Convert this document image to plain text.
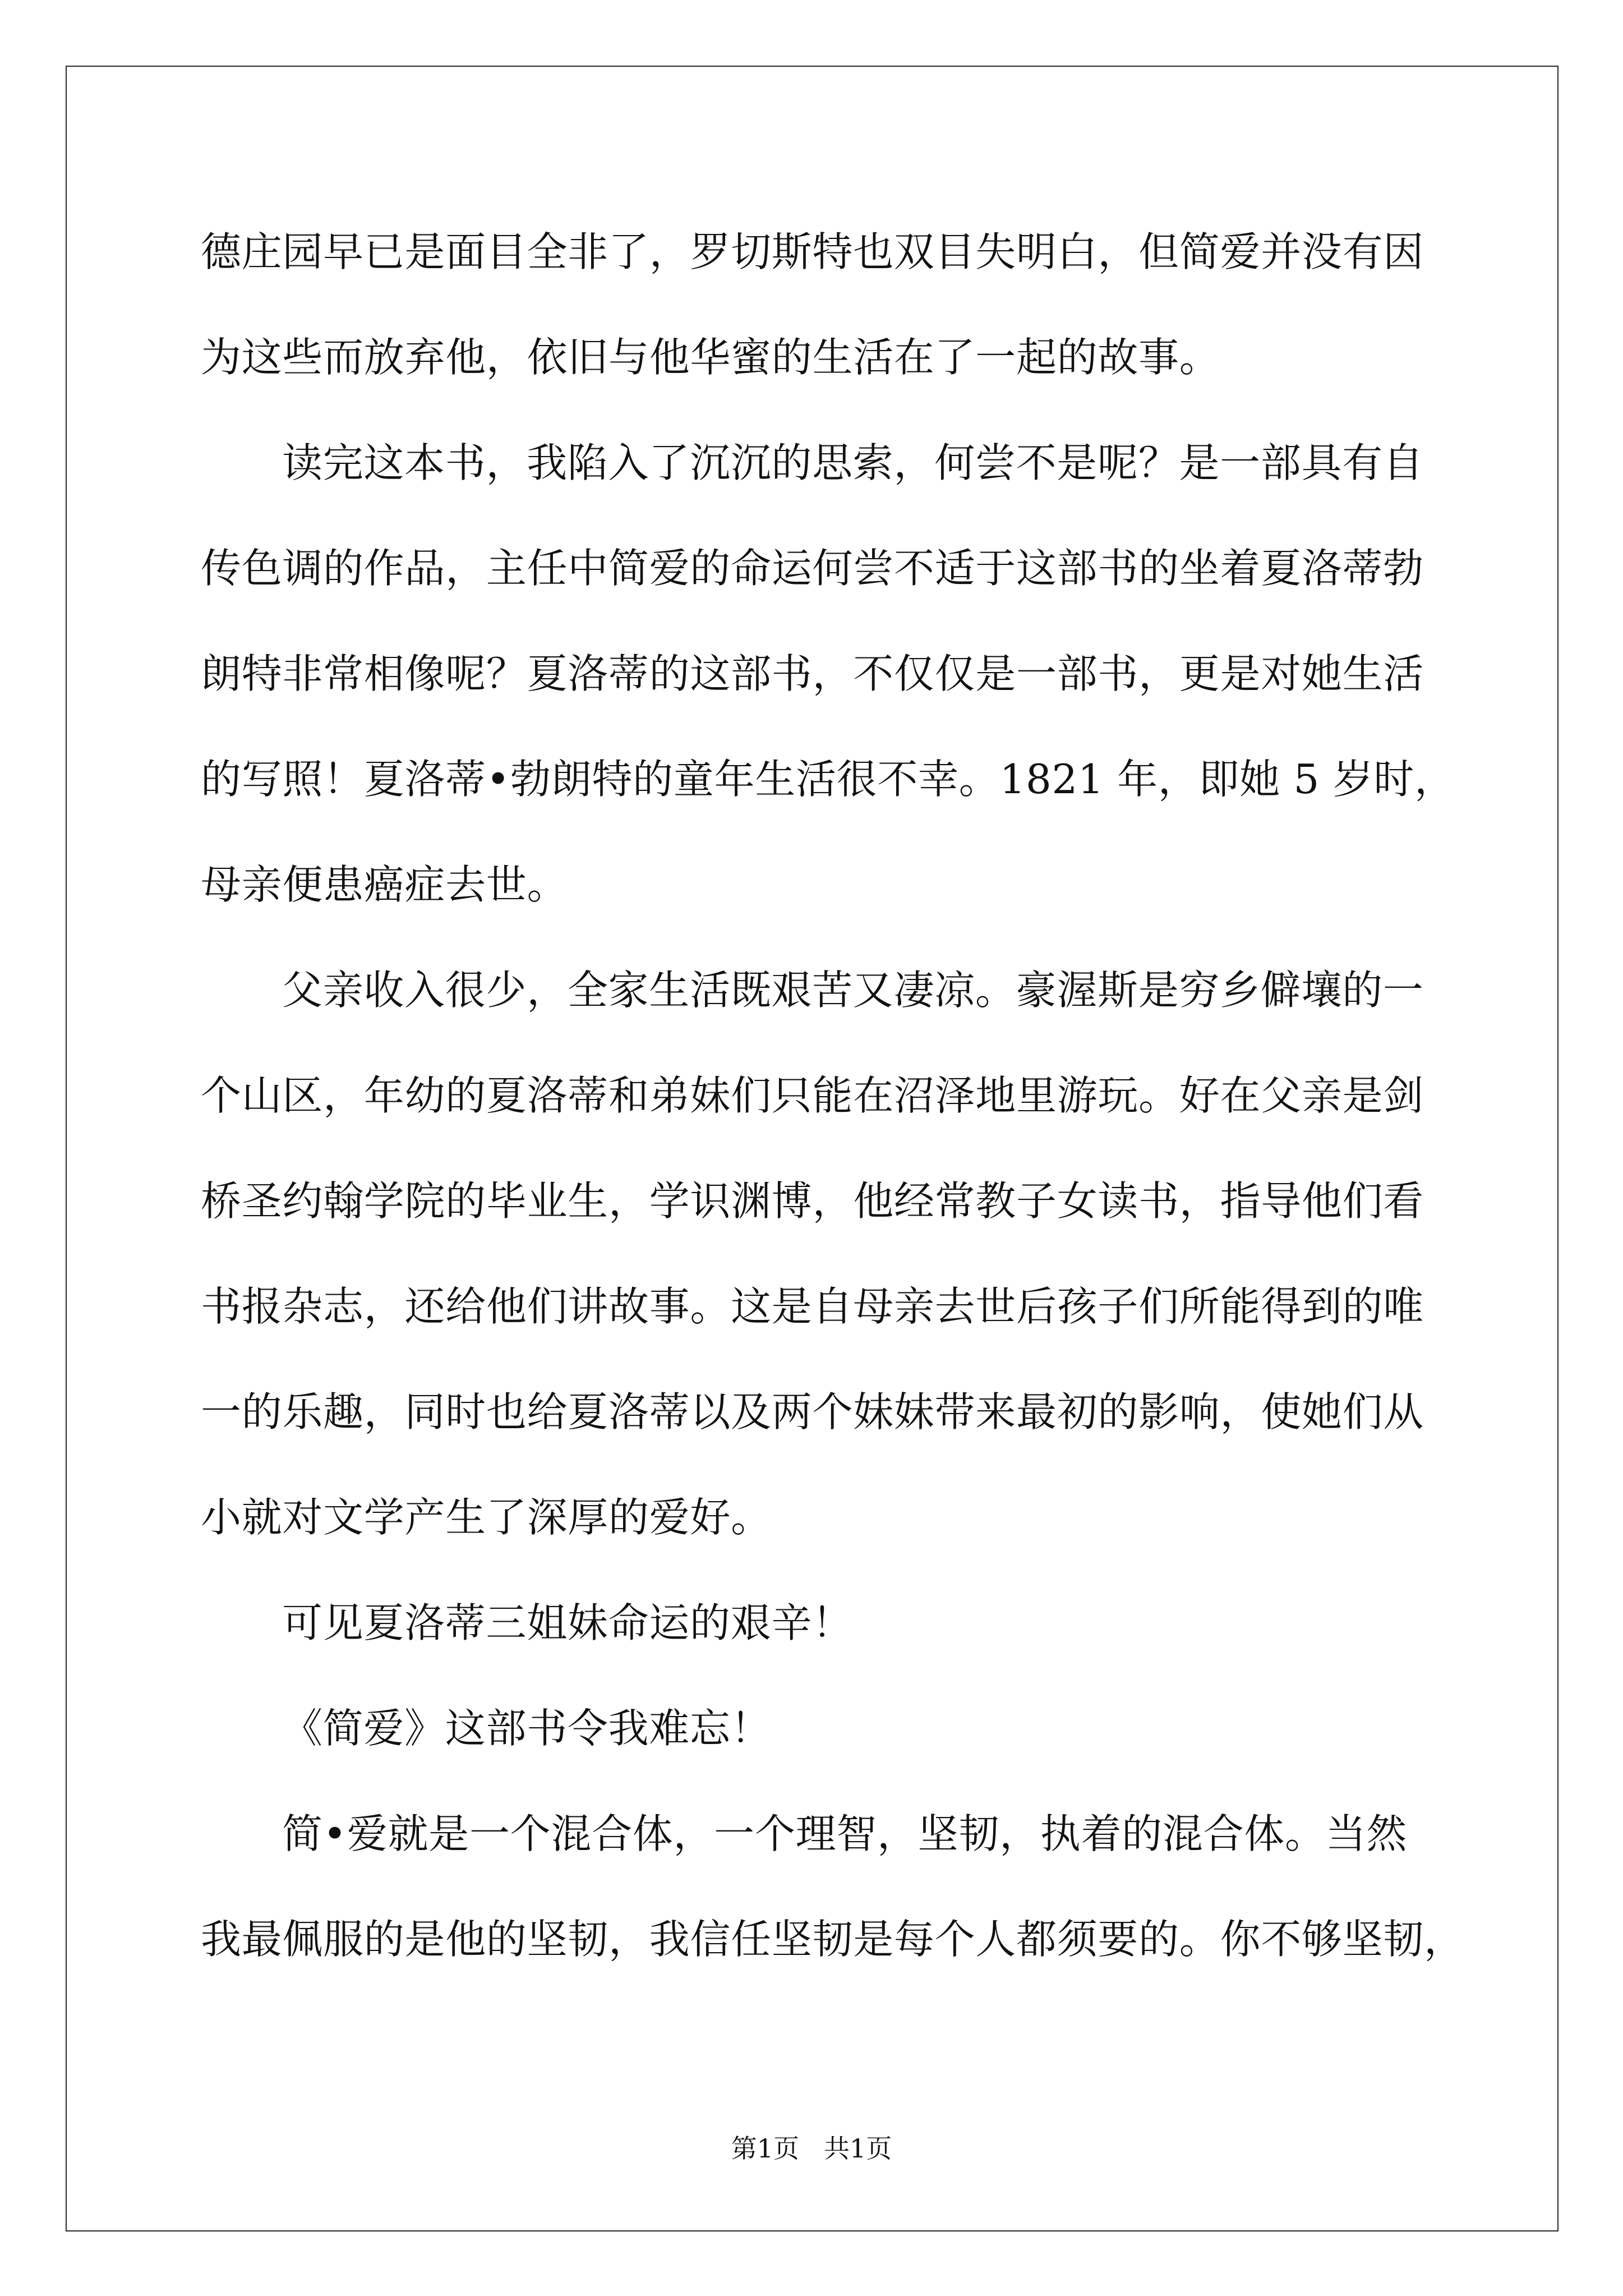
德庄园早已是面目全非了，罗切斯特也双目失明白，但简爱并没有因
为这些而放弃他，依旧与他华蜜的生活在了一起的故事。
读完这本书，我陷入了沉沉的思索，何尝不是呢？是一部具有自
传色调的作品，主任中简爱的命运何尝不适于这部书的坐着夏洛蒂勃
朗特非常相像呢？夏洛蒂的这部书，不仅仅是一部书，更是对她生活
的写照！夏洛蒂•勃朗特的童年生活很不幸。1821 年，即她 5 岁时，
母亲便患癌症去世。
父亲收入很少，全家生活既艰苦又凄凉。豪渥斯是穷乡僻壤的一
个山区，年幼的夏洛蒂和弟妹们只能在沼泽地里游玩。好在父亲是剑
桥圣约翰学院的毕业生，学识渊博，他经常教子女读书，指导他们看
书报杂志，还给他们讲故事。这是自母亲去世后孩子们所能得到的唯
一的乐趣，同时也给夏洛蒂以及两个妹妹带来最初的影响，使她们从
小就对文学产生了深厚的爱好。
可见夏洛蒂三姐妹命运的艰辛！
《简爱》这部书令我难忘！
简•爱就是一个混合体，一个理智，坚韧，执着的混合体。当然
我最佩服的是他的坚韧，我信任坚韧是每个人都须要的。你不够坚韧，
第1页 共1页
